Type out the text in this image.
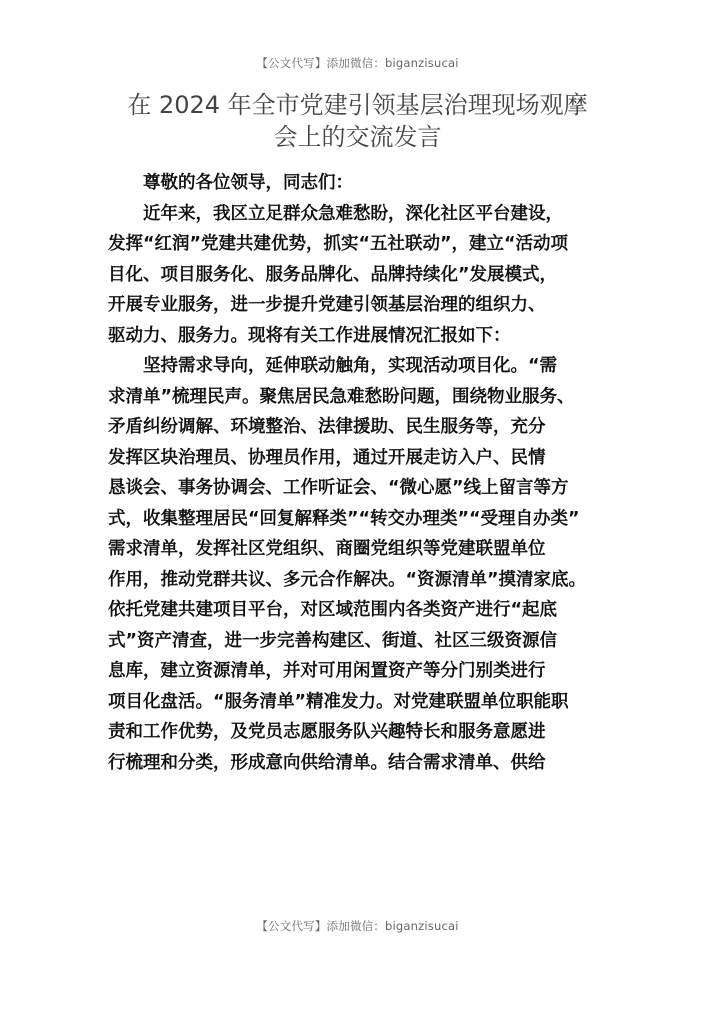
【公文代写】添加微信：biganzisucai
在 2024 年全市党建引领基层治理现场观摩
会上的交流发言
尊敬的各位领导，同志们：
近年来，我区立足群众急难愁盼，深化社区平台建设，
发挥“红润”党建共建优势，抓实“五社联动”，建立“活动项
目化、项目服务化、服务品牌化、品牌持续化”发展模式，
开展专业服务，进一步提升党建引领基层治理的组织力、
驱动力、服务力。现将有关工作进展情况汇报如下：
坚持需求导向，延伸联动触角，实现活动项目化。“需
求清单”梳理民声。聚焦居民急难愁盼问题，围绕物业服务、
矛盾纠纷调解、环境整治、法律援助、民生服务等，充分
发挥区块治理员、协理员作用，通过开展走访入户、民情
恳谈会、事务协调会、工作听证会、“微心愿”线上留言等方
式，收集整理居民“回复解释类”“转交办理类”“受理自办类”
需求清单，发挥社区党组织、商圈党组织等党建联盟单位
作用，推动党群共议、多元合作解决。“资源清单”摸清家底。
依托党建共建项目平台，对区域范围内各类资产进行“起底
式”资产清查，进一步完善构建区、街道、社区三级资源信
息库，建立资源清单，并对可用闲置资产等分门别类进行
项目化盘活。“服务清单”精准发力。对党建联盟单位职能职
责和工作优势，及党员志愿服务队兴趣特长和服务意愿进
行梳理和分类，形成意向供给清单。结合需求清单、供给
【公文代写】添加微信：biganzisucai
